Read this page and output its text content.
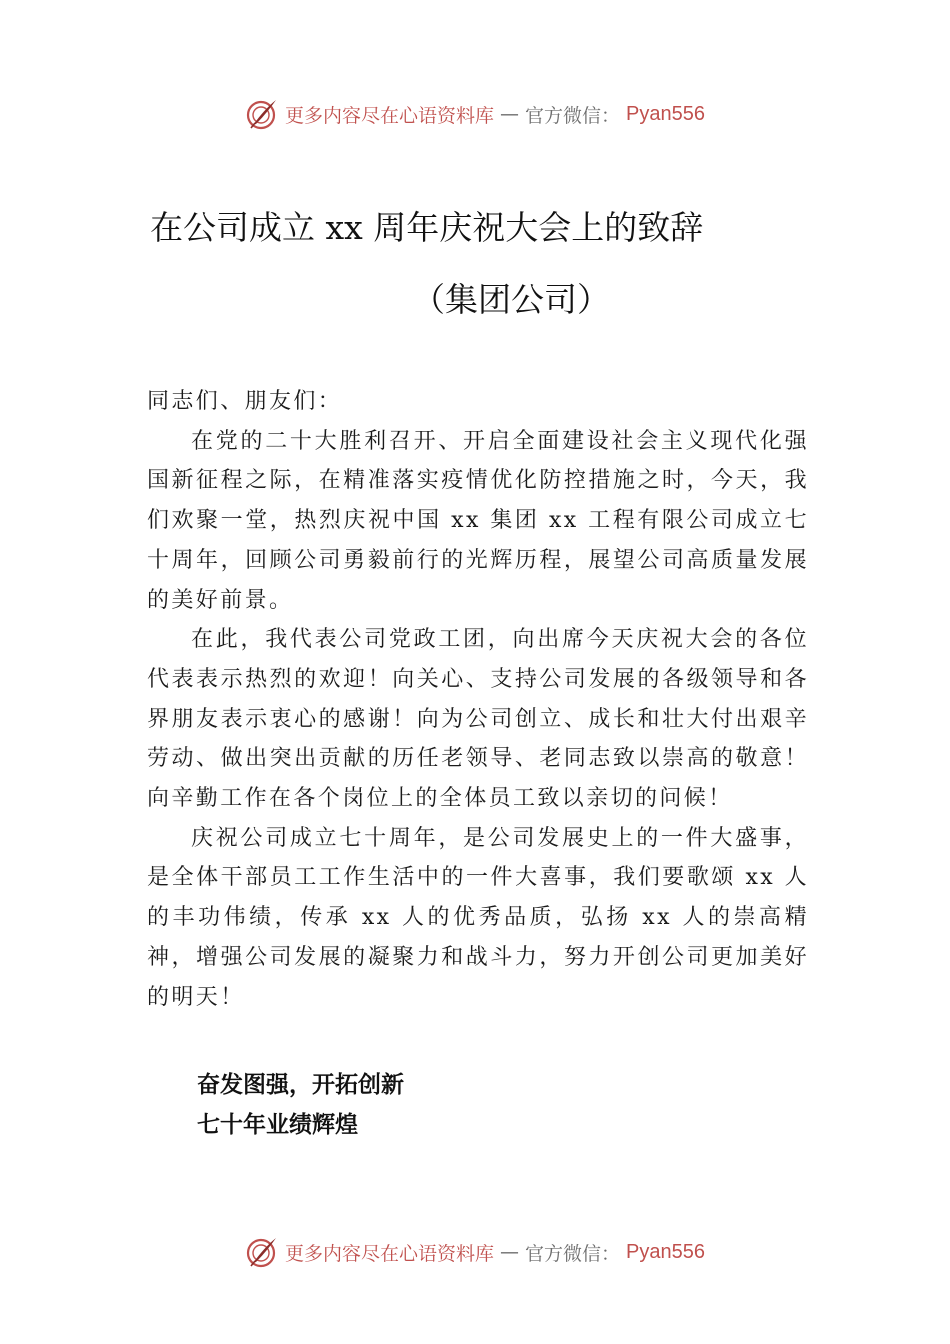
更多内容尽在心语资料库 — 官方微信： Pyan556
在公司成立 xx 周年庆祝大会上的致辞
（集团公司）

同志们、朋友们：

在党的二十大胜利召开、开启全面建设社会主义现代化强国新征程之际，在精准落实疫情优化防控措施之时，今天，我们欢聚一堂，热烈庆祝中国 xx 集团 xx 工程有限公司成立七十周年，回顾公司勇毅前行的光辉历程，展望公司高质量发展的美好前景。

在此，我代表公司党政工团，向出席今天庆祝大会的各位代表表示热烈的欢迎！向关心、支持公司发展的各级领导和各界朋友表示衷心的感谢！向为公司创立、成长和壮大付出艰辛劳动、做出突出贡献的历任老领导、老同志致以崇高的敬意！向辛勤工作在各个岗位上的全体员工致以亲切的问候！

庆祝公司成立七十周年，是公司发展史上的一件大盛事，是全体干部员工工作生活中的一件大喜事，我们要歌颂 xx 人的丰功伟绩，传承 xx 人的优秀品质，弘扬 xx 人的崇高精神，增强公司发展的凝聚力和战斗力，努力开创公司更加美好的明天！

奋发图强，开拓创新
七十年业绩辉煌
更多内容尽在心语资料库 — 官方微信： Pyan556
